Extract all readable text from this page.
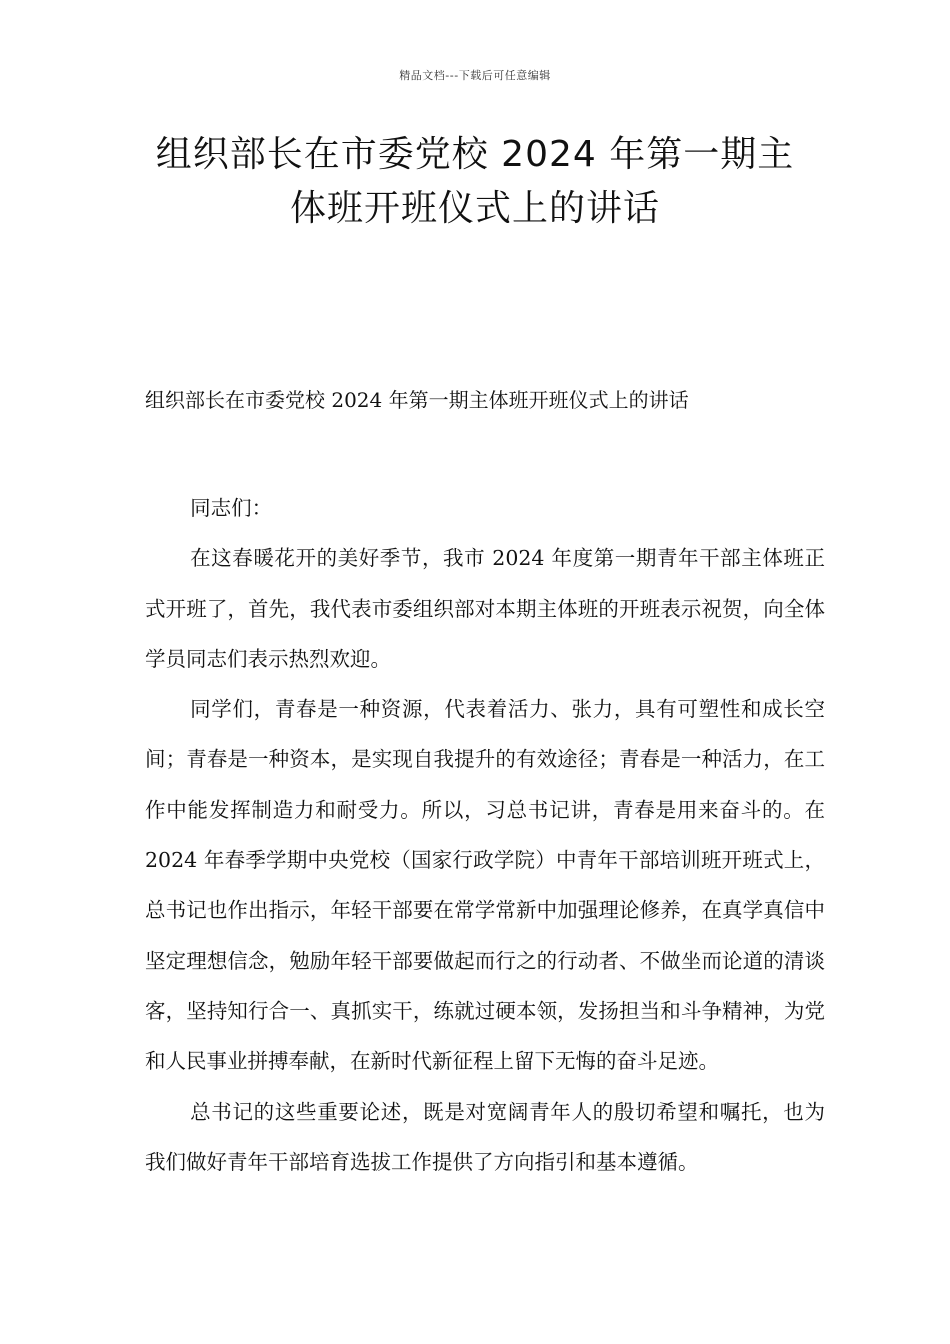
精品文档---下载后可任意编辑
组织部长在市委党校 2024 年第一期主
体班开班仪式上的讲话
组织部长在市委党校 2024 年第一期主体班开班仪式上的讲话

同志们：

在这春暖花开的美好季节，我市 2024 年度第一期青年干部主体班正式开班了，首先，我代表市委组织部对本期主体班的开班表示祝贺，向全体学员同志们表示热烈欢迎。

同学们，青春是一种资源，代表着活力、张力，具有可塑性和成长空间；青春是一种资本，是实现自我提升的有效途径；青春是一种活力，在工作中能发挥制造力和耐受力。所以，习总书记讲，青春是用来奋斗的。在 2024 年春季学期中央党校（国家行政学院）中青年干部培训班开班式上，总书记也作出指示，年轻干部要在常学常新中加强理论修养，在真学真信中坚定理想信念，勉励年轻干部要做起而行之的行动者、不做坐而论道的清谈客，坚持知行合一、真抓实干，练就过硬本领，发扬担当和斗争精神，为党和人民事业拼搏奉献，在新时代新征程上留下无悔的奋斗足迹。

总书记的这些重要论述，既是对宽阔青年人的殷切希望和嘱托，也为我们做好青年干部培育选拔工作提供了方向指引和基本遵循。
